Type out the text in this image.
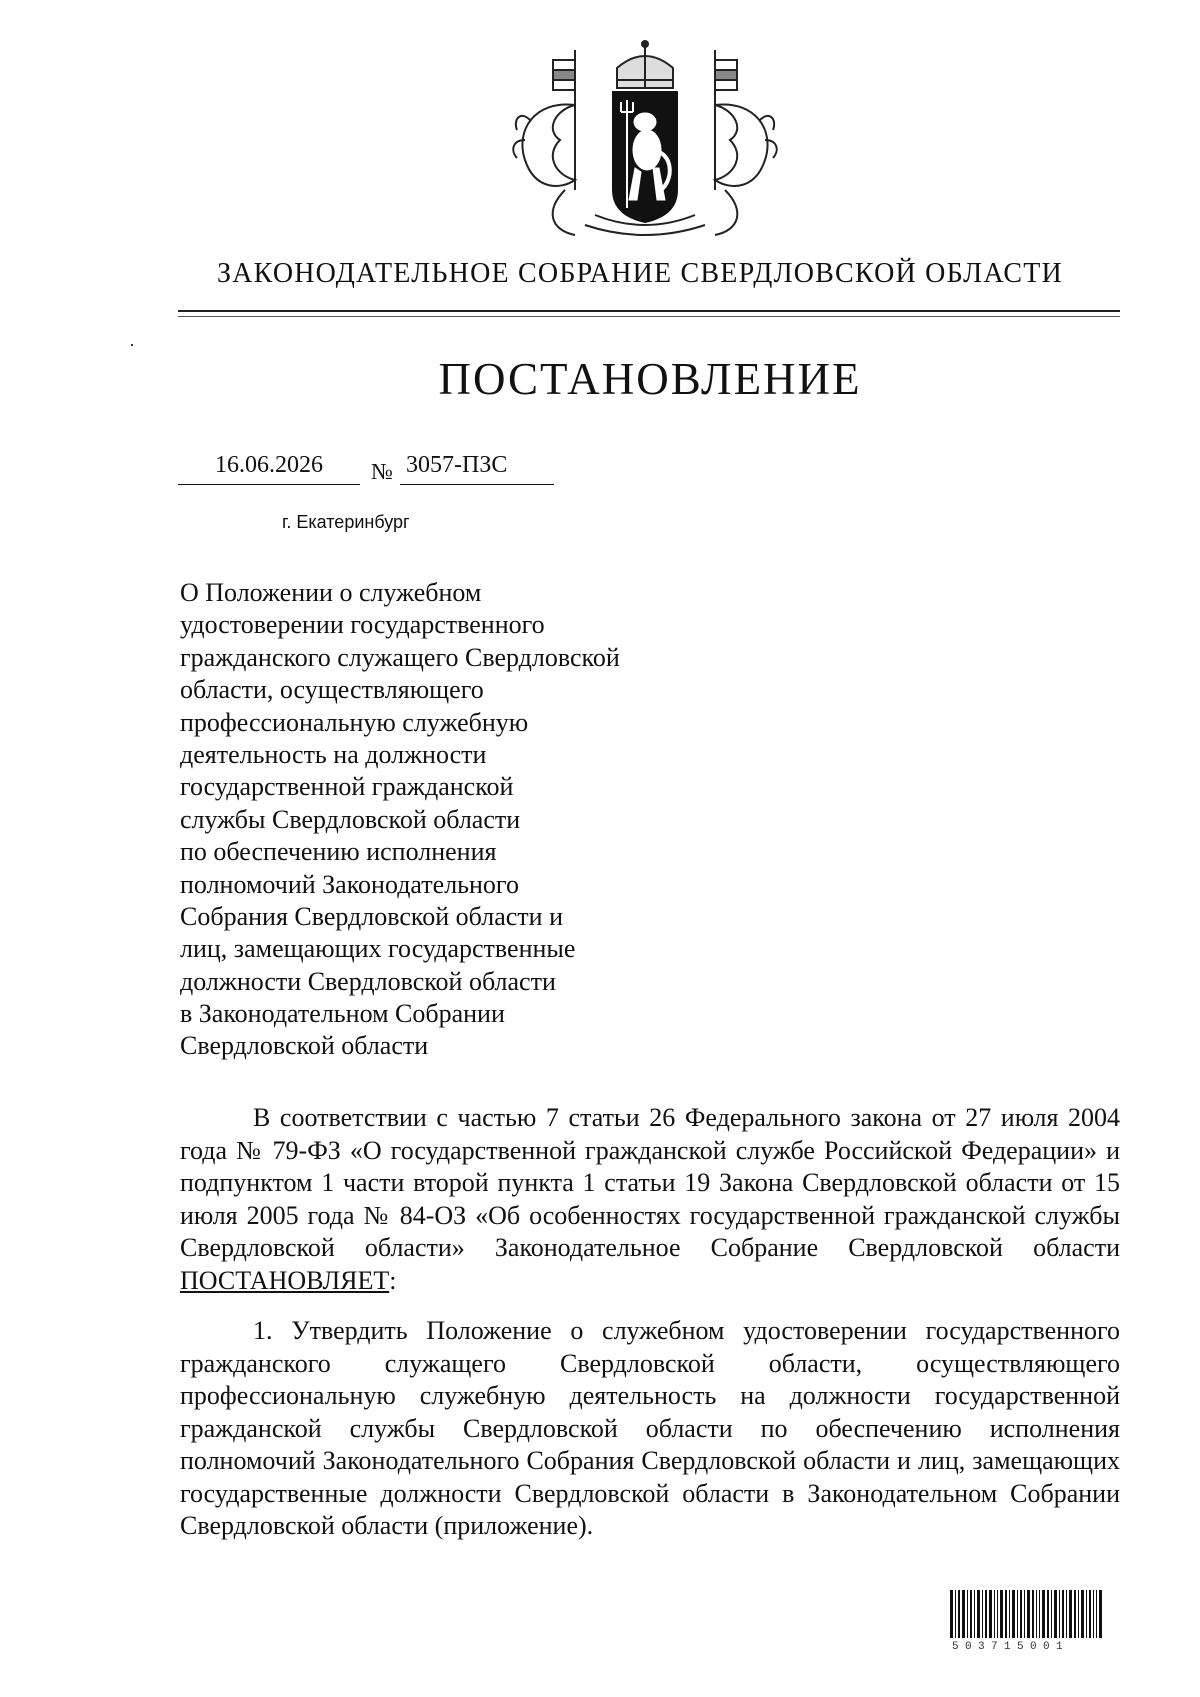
ЗАКОНОДАТЕЛЬНОЕ СОБРАНИЕ СВЕРДЛОВСКОЙ ОБЛАСТИ
ПОСТАНОВЛЕНИЕ
16.06.2026	№ 3057-ПЗС
г. Екатеринбург
О Положении о служебном
удостоверении государственного
гражданского служащего Свердловской
области, осуществляющего
профессиональную служебную
деятельность на должности
государственной гражданской
службы Свердловской области
по обеспечению исполнения
полномочий Законодательного
Собрания Свердловской области и
лиц, замещающих государственные
должности Свердловской области
в Законодательном Собрании
Свердловской области

В соответствии с частью 7 статьи 26 Федерального закона от 27 июля 2004 года № 79-ФЗ «О государственной гражданской службе Российской Федерации» и подпунктом 1 части второй пункта 1 статьи 19 Закона Свердловской области от 15 июля 2005 года № 84-ОЗ «Об особенностях государственной гражданской службы Свердловской области» Законодательное Собрание Свердловской области ПОСТАНОВЛЯЕТ:

1. Утвердить Положение о служебном удостоверении государственного гражданского служащего Свердловской области, осуществляющего профессиональную служебную деятельность на должности государственной гражданской службы Свердловской области по обеспечению исполнения полномочий Законодательного Собрания Свердловской области и лиц, замещающих государственные должности Свердловской области в Законодательном Собрании Свердловской области (приложение).

503715001
